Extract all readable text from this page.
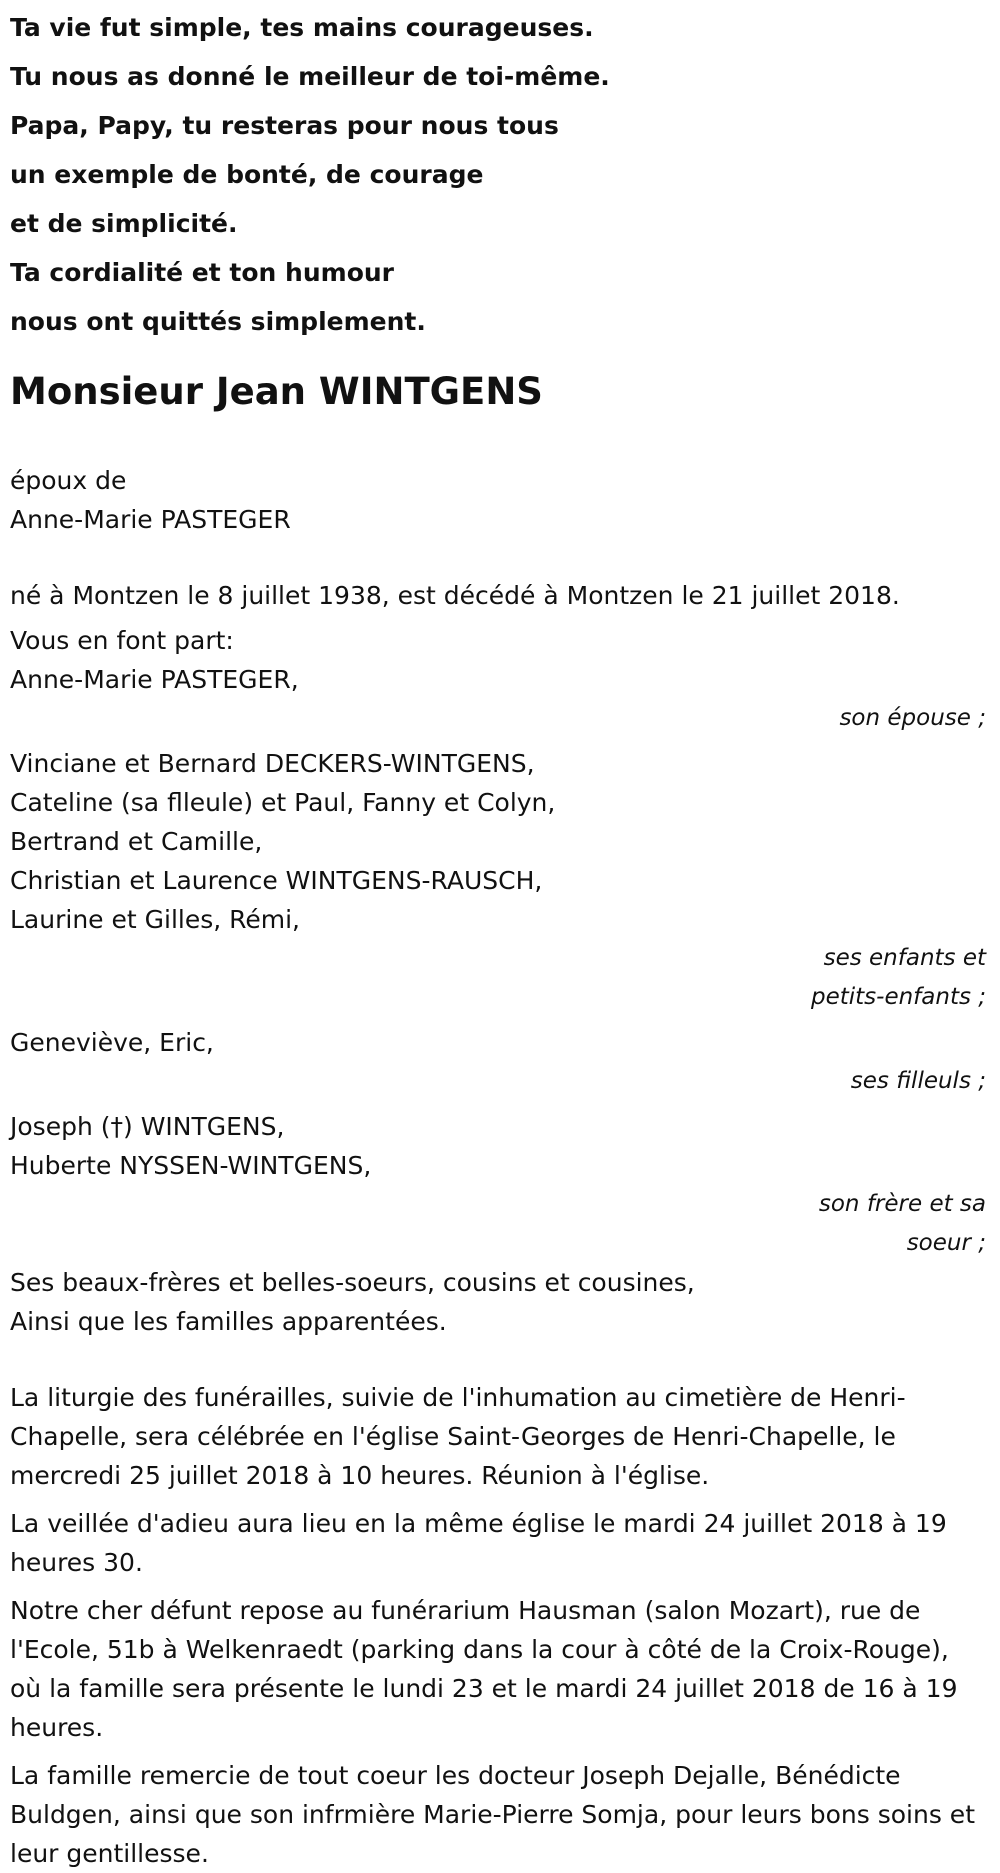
Ta vie fut simple, tes mains courageuses.
Tu nous as donné le meilleur de toi-même.
Papa, Papy, tu resteras pour nous tous
un exemple de bonté, de courage
et de simplicité.
Ta cordialité et ton humour
nous ont quittés simplement.
Monsieur Jean WINTGENS
époux de
Anne-Marie PASTEGER
né à Montzen le 8 juillet 1938, est décédé à Montzen le 21 juillet 2018.
Vous en font part:
Anne-Marie PASTEGER,
son épouse ;
Vinciane et Bernard DECKERS-WINTGENS,
Cateline (sa flleule) et Paul, Fanny et Colyn,
Bertrand et Camille,
Christian et Laurence WINTGENS-RAUSCH,
Laurine et Gilles, Rémi,
ses enfants et
petits-enfants ;
Geneviève, Eric,
ses filleuls ;
Joseph (†) WINTGENS,
Huberte NYSSEN-WINTGENS,
son frère et sa
soeur ;
Ses beaux-frères et belles-soeurs, cousins et cousines,
Ainsi que les familles apparentées.

La liturgie des funérailles, suivie de l'inhumation au cimetière de Henri-Chapelle, sera célébrée en l'église Saint-Georges de Henri-Chapelle, le mercredi 25 juillet 2018 à 10 heures. Réunion à l'église.

La veillée d'adieu aura lieu en la même église le mardi 24 juillet 2018 à 19 heures 30.

Notre cher défunt repose au funérarium Hausman (salon Mozart), rue de l'Ecole, 51b à Welkenraedt (parking dans la cour à côté de la Croix-Rouge), où la famille sera présente le lundi 23 et le mardi 24 juillet 2018 de 16 à 19 heures.

La famille remercie de tout coeur les docteur Joseph Dejalle, Bénédicte Buldgen, ainsi que son infrmière Marie-Pierre Somja, pour leurs bons soins et leur gentillesse.
